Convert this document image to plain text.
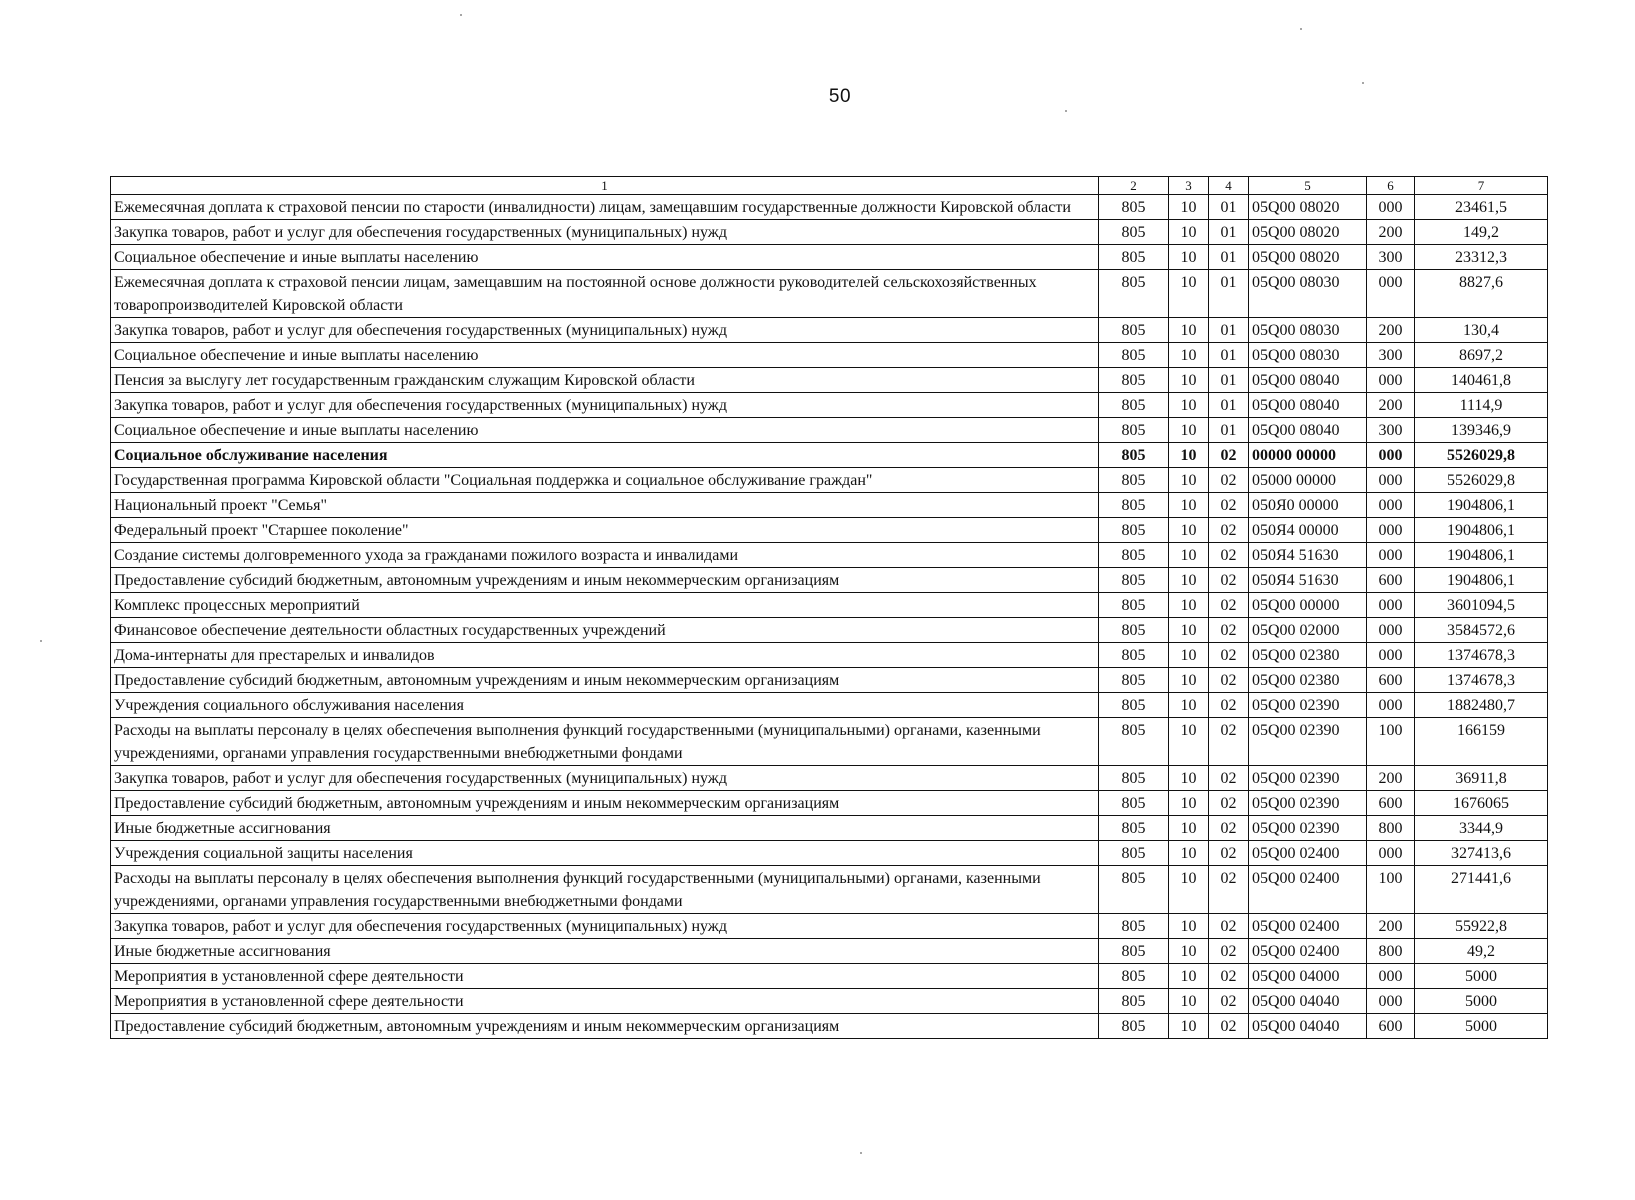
50
1	2	3	4	5	6	7
Ежемесячная доплата к страховой пенсии по старости (инвалидности) лицам, замещавшим государственные должности Кировской области	805	10	01	05Q00 08020	000	23461,5
Закупка товаров, работ и услуг для обеспечения государственных (муниципальных) нужд	805	10	01	05Q00 08020	200	149,2
Социальное обеспечение и иные выплаты населению	805	10	01	05Q00 08020	300	23312,3
Ежемесячная доплата к страховой пенсии лицам, замещавшим на постоянной основе должности руководителей сельскохозяйственных товаропроизводителей Кировской области	805	10	01	05Q00 08030	000	8827,6
Закупка товаров, работ и услуг для обеспечения государственных (муниципальных) нужд	805	10	01	05Q00 08030	200	130,4
Социальное обеспечение и иные выплаты населению	805	10	01	05Q00 08030	300	8697,2
Пенсия за выслугу лет государственным гражданским служащим Кировской области	805	10	01	05Q00 08040	000	140461,8
Закупка товаров, работ и услуг для обеспечения государственных (муниципальных) нужд	805	10	01	05Q00 08040	200	1114,9
Социальное обеспечение и иные выплаты населению	805	10	01	05Q00 08040	300	139346,9
Социальное обслуживание населения	805	10	02	00000 00000	000	5526029,8
Государственная программа Кировской области "Социальная поддержка и социальное обслуживание граждан"	805	10	02	05000 00000	000	5526029,8
Национальный проект "Семья"	805	10	02	050Я0 00000	000	1904806,1
Федеральный проект "Старшее поколение"	805	10	02	050Я4 00000	000	1904806,1
Создание системы долговременного ухода за гражданами пожилого возраста и инвалидами	805	10	02	050Я4 51630	000	1904806,1
Предоставление субсидий бюджетным, автономным учреждениям и иным некоммерческим организациям	805	10	02	050Я4 51630	600	1904806,1
Комплекс процессных мероприятий	805	10	02	05Q00 00000	000	3601094,5
Финансовое обеспечение деятельности областных государственных учреждений	805	10	02	05Q00 02000	000	3584572,6
Дома-интернаты для престарелых и инвалидов	805	10	02	05Q00 02380	000	1374678,3
Предоставление субсидий бюджетным, автономным учреждениям и иным некоммерческим организациям	805	10	02	05Q00 02380	600	1374678,3
Учреждения социального обслуживания населения	805	10	02	05Q00 02390	000	1882480,7
Расходы на выплаты персоналу в целях обеспечения выполнения функций государственными (муниципальными) органами, казенными учреждениями, органами управления государственными внебюджетными фондами	805	10	02	05Q00 02390	100	166159
Закупка товаров, работ и услуг для обеспечения государственных (муниципальных) нужд	805	10	02	05Q00 02390	200	36911,8
Предоставление субсидий бюджетным, автономным учреждениям и иным некоммерческим организациям	805	10	02	05Q00 02390	600	1676065
Иные бюджетные ассигнования	805	10	02	05Q00 02390	800	3344,9
Учреждения социальной защиты населения	805	10	02	05Q00 02400	000	327413,6
Расходы на выплаты персоналу в целях обеспечения выполнения функций государственными (муниципальными) органами, казенными учреждениями, органами управления государственными внебюджетными фондами	805	10	02	05Q00 02400	100	271441,6
Закупка товаров, работ и услуг для обеспечения государственных (муниципальных) нужд	805	10	02	05Q00 02400	200	55922,8
Иные бюджетные ассигнования	805	10	02	05Q00 02400	800	49,2
Мероприятия в установленной сфере деятельности	805	10	02	05Q00 04000	000	5000
Мероприятия в установленной сфере деятельности	805	10	02	05Q00 04040	000	5000
Предоставление субсидий бюджетным, автономным учреждениям и иным некоммерческим организациям	805	10	02	05Q00 04040	600	5000
